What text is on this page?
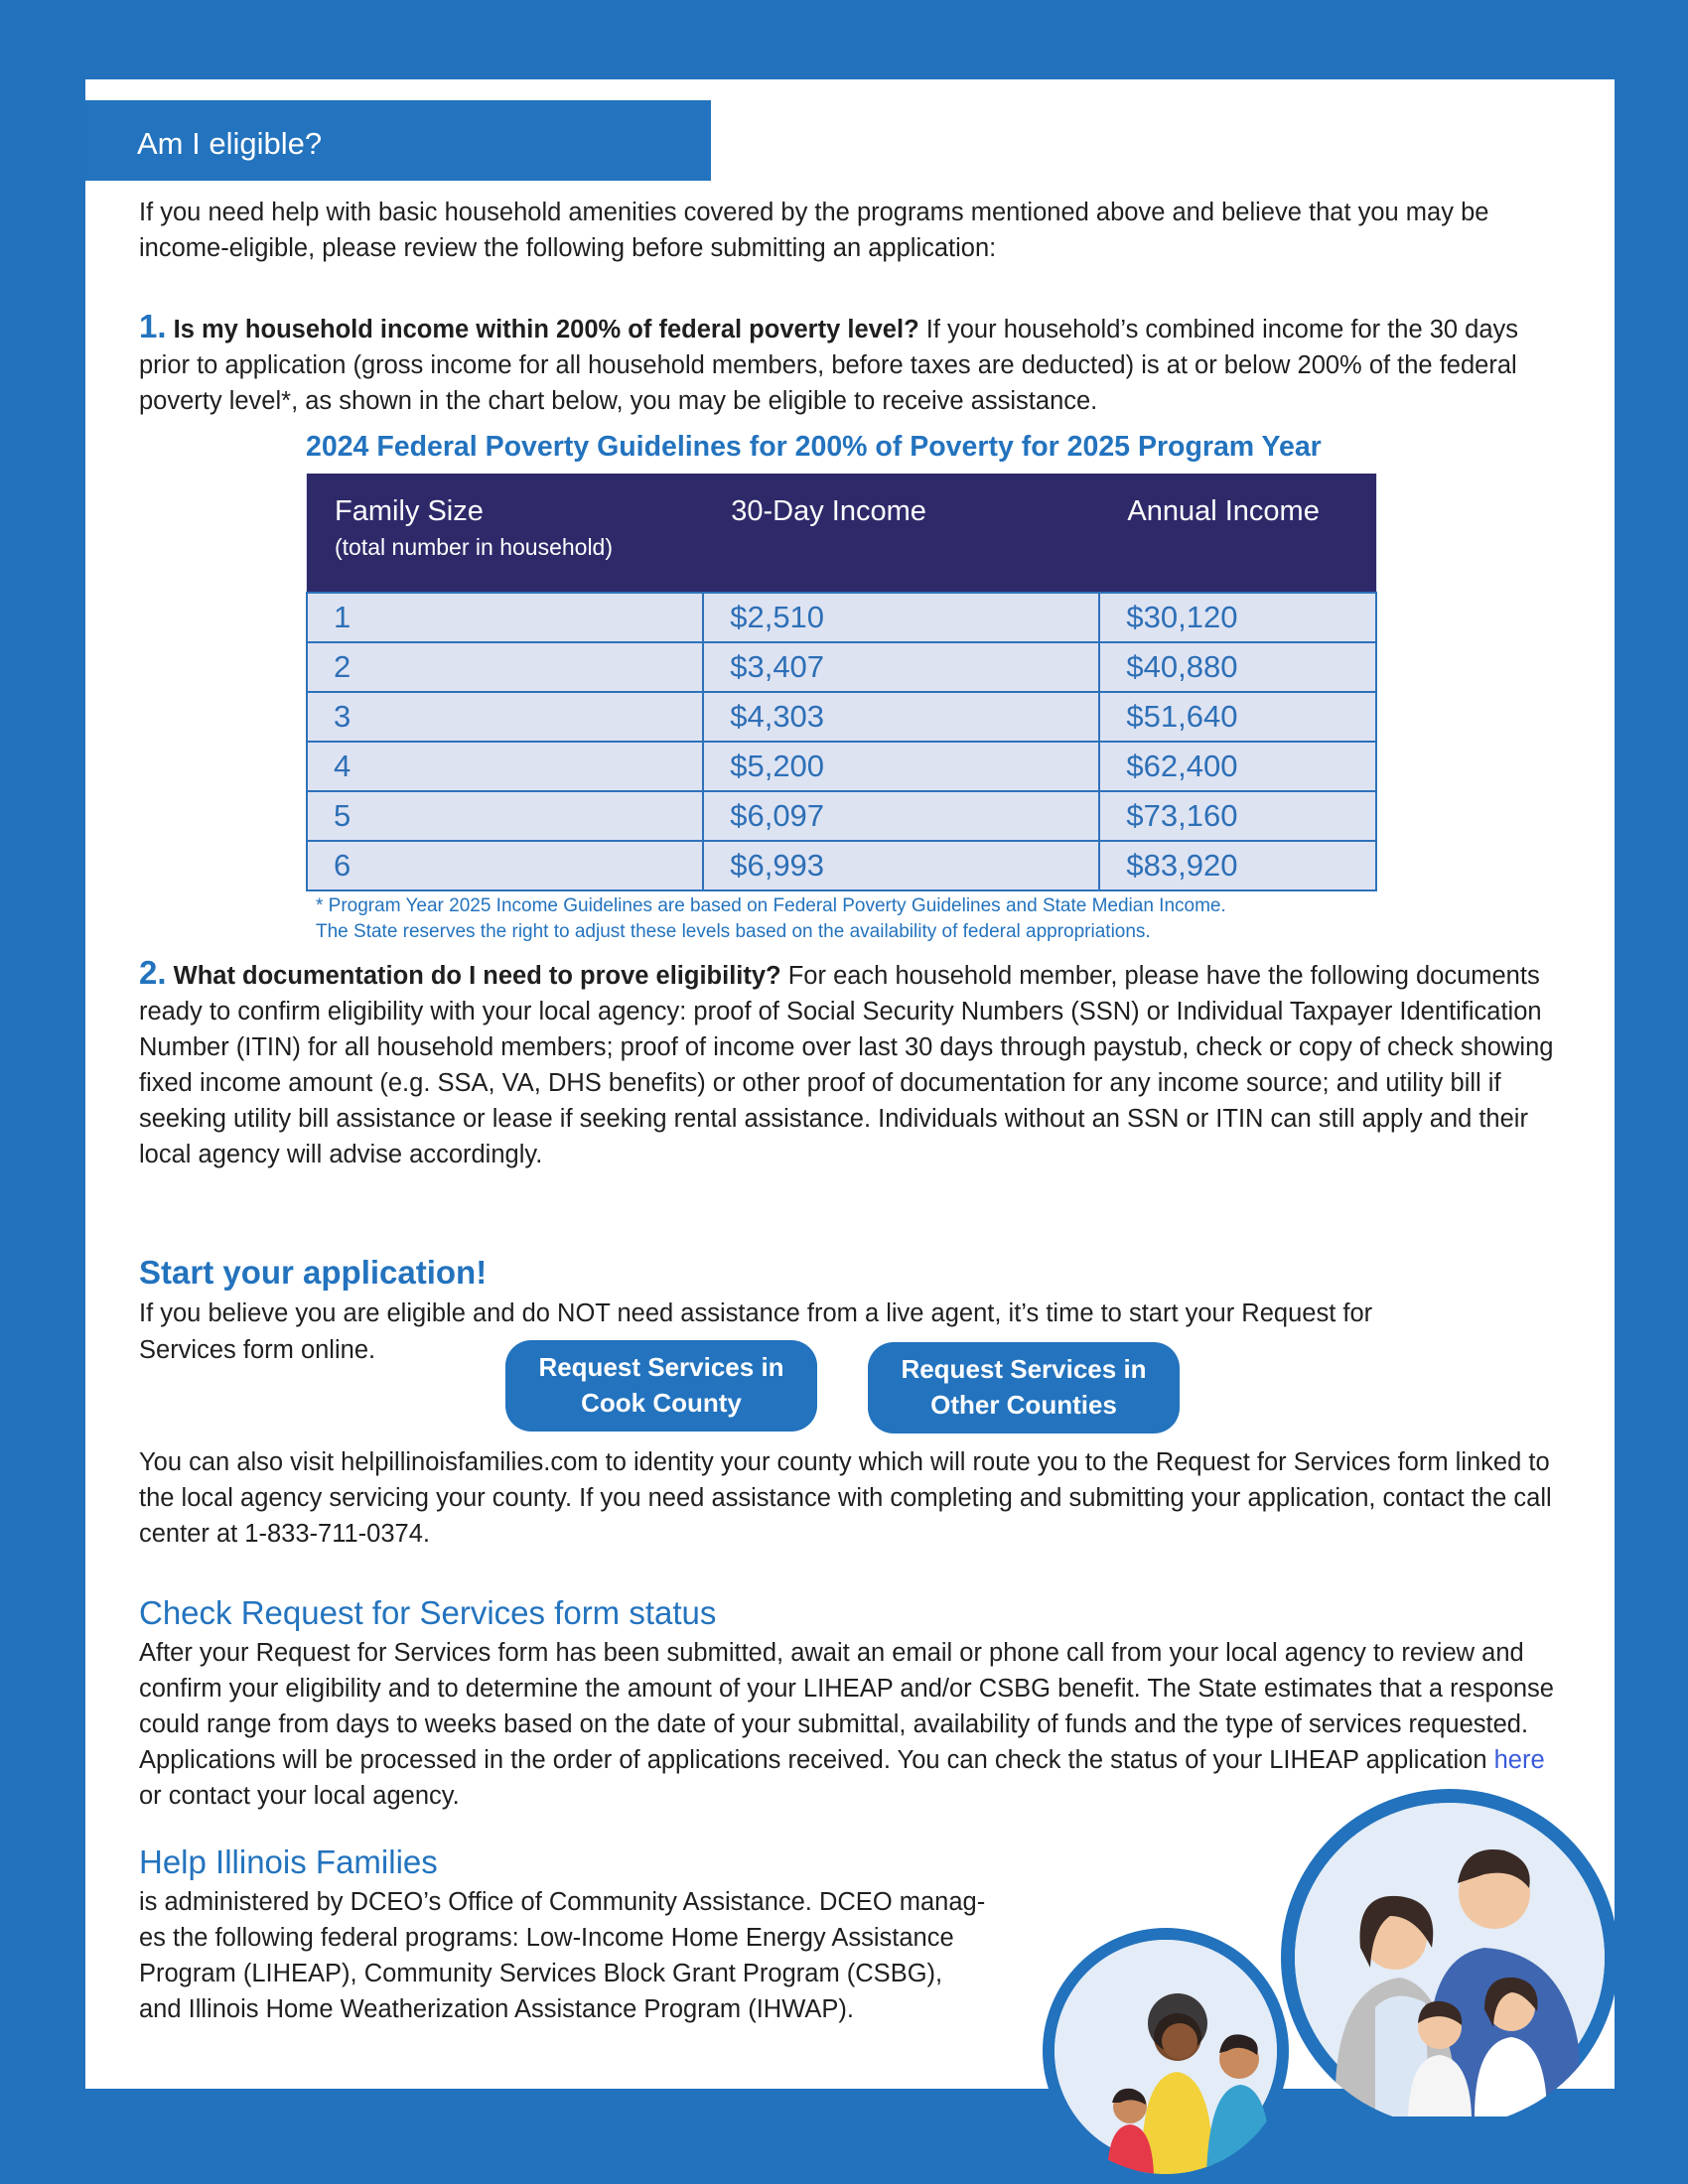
Am I eligible?
If you need help with basic household amenities covered by the programs mentioned above and believe that you may be income-eligible, please review the following before submitting an application:
1. Is my household income within 200% of federal poverty level? If your household’s combined income for the 30 days prior to application (gross income for all household members, before taxes are deducted) is at or below 200% of the federal poverty level*, as shown in the chart below, you may be eligible to receive assistance.
2024 Federal Poverty Guidelines for 200% of Poverty for 2025 Program Year
Family Size
(total number in household)	30-Day Income	Annual Income
1	$2,510	$30,120
2	$3,407	$40,880
3	$4,303	$51,640
4	$5,200	$62,400
5	$6,097	$73,160
6	$6,993	$83,920
* Program Year 2025 Income Guidelines are based on Federal Poverty Guidelines and State Median Income.
The State reserves the right to adjust these levels based on the availability of federal appropriations.
2. What documentation do I need to prove eligibility? For each household member, please have the following documents ready to confirm eligibility with your local agency: proof of Social Security Numbers (SSN) or Individual Taxpayer Identification Number (ITIN) for all household members; proof of income over last 30 days through paystub, check or copy of check showing fixed income amount (e.g. SSA, VA, DHS benefits) or other proof of documentation for any income source; and utility bill if seeking utility bill assistance or lease if seeking rental assistance. Individuals without an SSN or ITIN can still apply and their local agency will advise accordingly.
Start your application!
If you believe you are eligible and do NOT need assistance from a live agent, it’s time to start your Request for
Services form online.
Request Services in
Cook County
Request Services in
Other Counties
You can also visit helpillinoisfamilies.com to identity your county which will route you to the Request for Services form linked to the local agency servicing your county. If you need assistance with completing and submitting your application, contact the call center at 1-833-711-0374.
Check Request for Services form status
After your Request for Services form has been submitted, await an email or phone call from your local agency to review and confirm your eligibility and to determine the amount of your LIHEAP and/or CSBG benefit. The State estimates that a response could range from days to weeks based on the date of your submittal, availability of funds and the type of services requested. Applications will be processed in the order of applications received. You can check the status of your LIHEAP application here or contact your local agency.
Help Illinois Families
is administered by DCEO’s Office of Community Assistance. DCEO manag-
es the following federal programs: Low-Income Home Energy Assistance
Program (LIHEAP), Community Services Block Grant Program (CSBG),
and Illinois Home Weatherization Assistance Program (IHWAP).
